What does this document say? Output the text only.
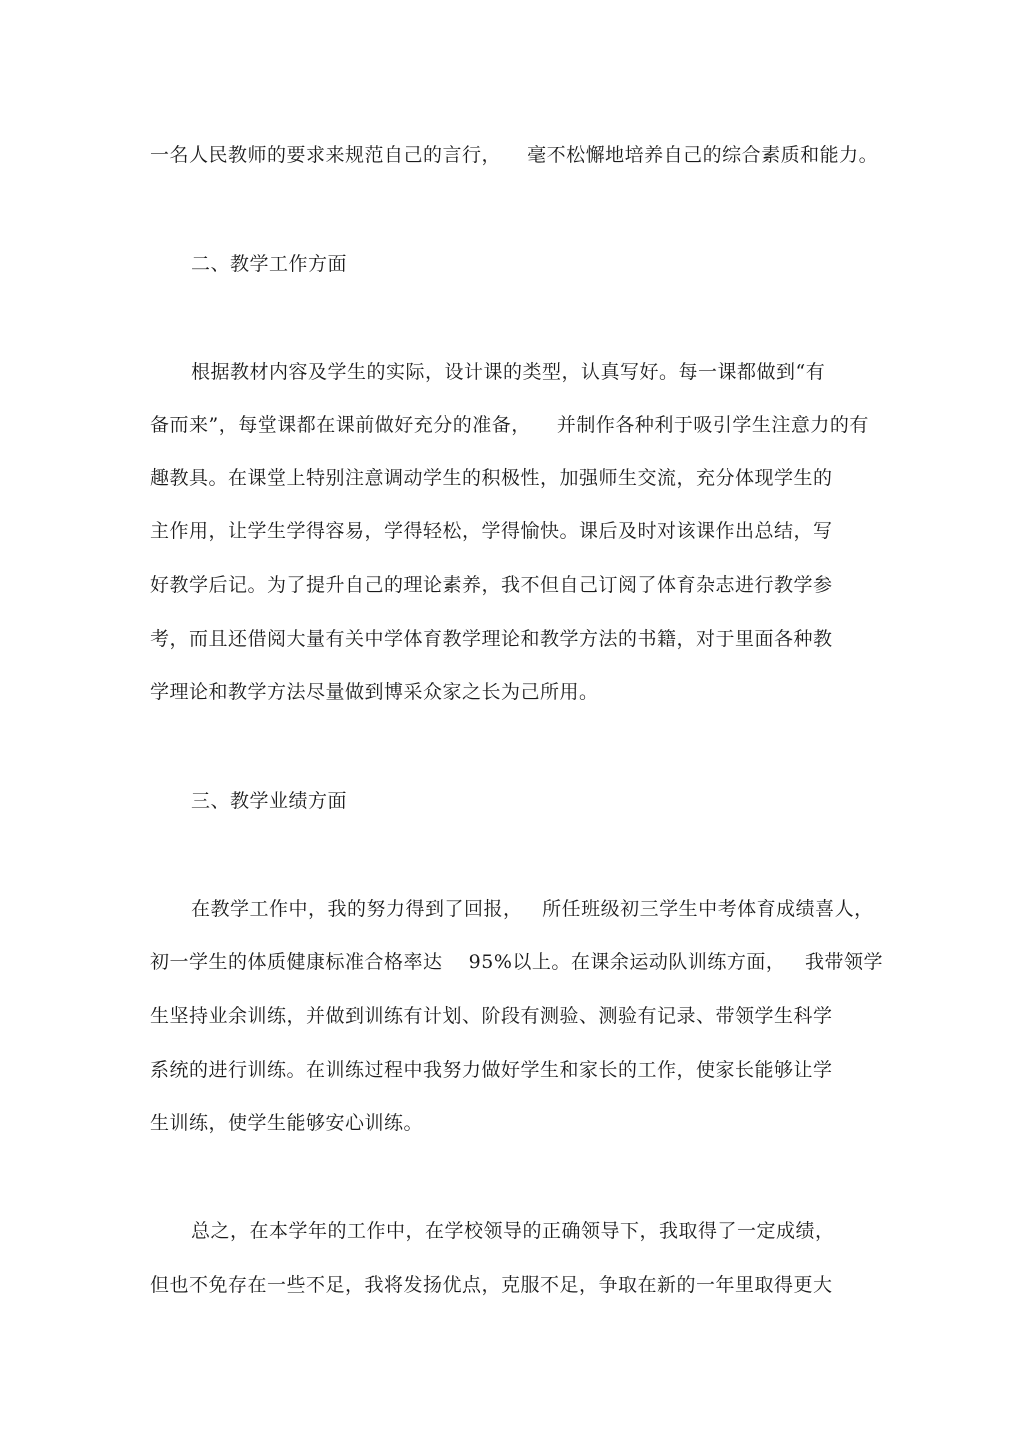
一名人民教师的要求来规范自己的言行，    毫不松懈地培养自己的综合素质和能力。
二、教学工作方面
根据教材内容及学生的实际，设计课的类型，认真写好。每一课都做到“有
备而来”，每堂课都在课前做好充分的准备，    并制作各种利于吸引学生注意力的有
趣教具。在课堂上特别注意调动学生的积极性，加强师生交流，充分体现学生的
主作用，让学生学得容易，学得轻松，学得愉快。课后及时对该课作出总结，写
好教学后记。为了提升自己的理论素养，我不但自己订阅了体育杂志进行教学参
考，而且还借阅大量有关中学体育教学理论和教学方法的书籍，对于里面各种教
学理论和教学方法尽量做到博采众家之长为己所用。
三、教学业绩方面
在教学工作中，我的努力得到了回报，   所任班级初三学生中考体育成绩喜人，
初一学生的体质健康标准合格率达    95%以上。在课余运动队训练方面，   我带领学
生坚持业余训练，并做到训练有计划、阶段有测验、测验有记录、带领学生科学
系统的进行训练。在训练过程中我努力做好学生和家长的工作，使家长能够让学
生训练，使学生能够安心训练。
总之，在本学年的工作中，在学校领导的正确领导下，我取得了一定成绩，
但也不免存在一些不足，我将发扬优点，克服不足，争取在新的一年里取得更大
